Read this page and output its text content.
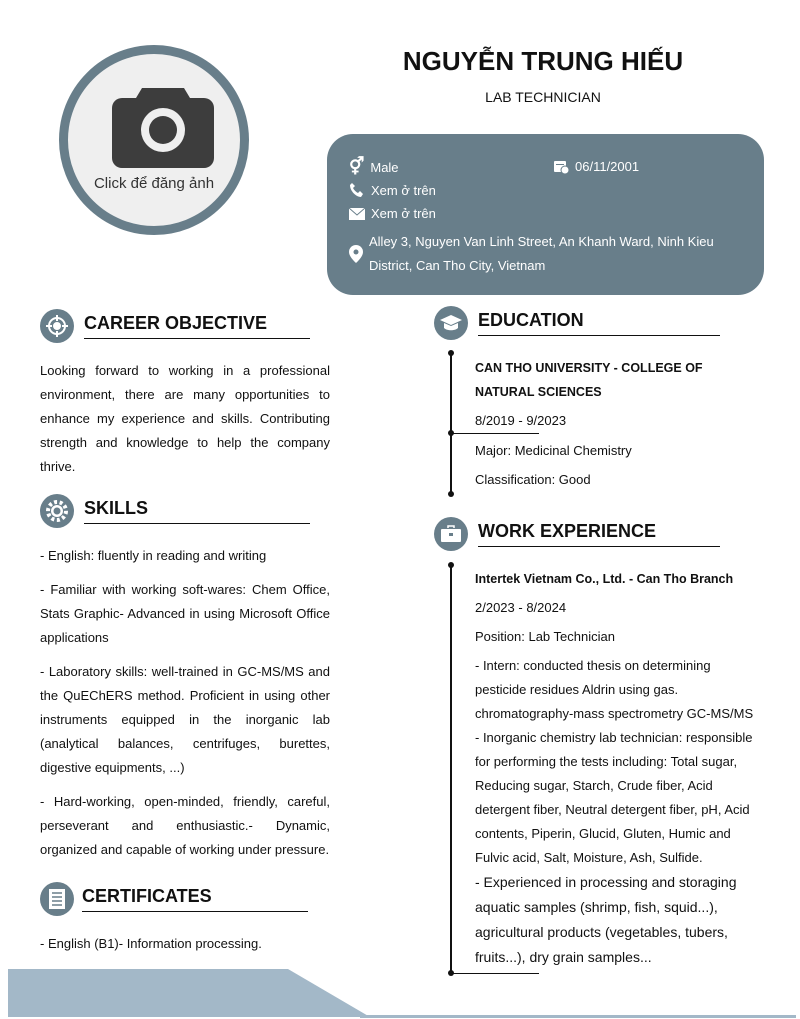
Click để đăng ảnh
NGUYỄN TRUNG HIẾU
LAB TECHNICIAN
⚥ Male	06/11/2001
Xem ở trên
Xem ở trên
Alley 3, Nguyen Van Linh Street, An Khanh Ward, Ninh Kieu District, Can Tho City, Vietnam
CAREER OBJECTIVE
Looking forward to working in a professional environment, there are many opportunities to enhance my experience and skills. Contributing strength and knowledge to help the company thrive.
SKILLS

- English: fluently in reading and writing

- Familiar with working soft-wares: Chem Office, Stats Graphic- Advanced in using Microsoft Office applications

- Laboratory skills: well-trained in GC-MS/MS and the QuEChERS method. Proficient in using other instruments equipped in the inorganic lab (analytical balances, centrifuges, burettes, digestive equipments, ...)

- Hard-working, open-minded, friendly, careful, perseverant and enthusiastic.- Dynamic, organized and capable of working under pressure.

CERTIFICATES
- English (B1)- Information processing.
EDUCATION
CAN THO UNIVERSITY - COLLEGE OF NATURAL SCIENCES
8/2019 - 9/2023
Major: Medicinal Chemistry
Classification: Good
WORK EXPERIENCE
Intertek Vietnam Co., Ltd. - Can Tho Branch
2/2023 - 8/2024
Position: Lab Technician
- Intern: conducted thesis on determining pesticide residues Aldrin using gas. chromatography-mass spectrometry GC-MS/MS
- Inorganic chemistry lab technician: responsible for performing the tests including: Total sugar, Reducing sugar, Starch, Crude fiber, Acid detergent fiber, Neutral detergent fiber, pH, Acid contents, Piperin, Glucid, Gluten, Humic and Fulvic acid, Salt, Moisture, Ash, Sulfide.
- Experienced in processing and storaging aquatic samples (shrimp, fish, squid...), agricultural products (vegetables, tubers, fruits...), dry grain samples...
